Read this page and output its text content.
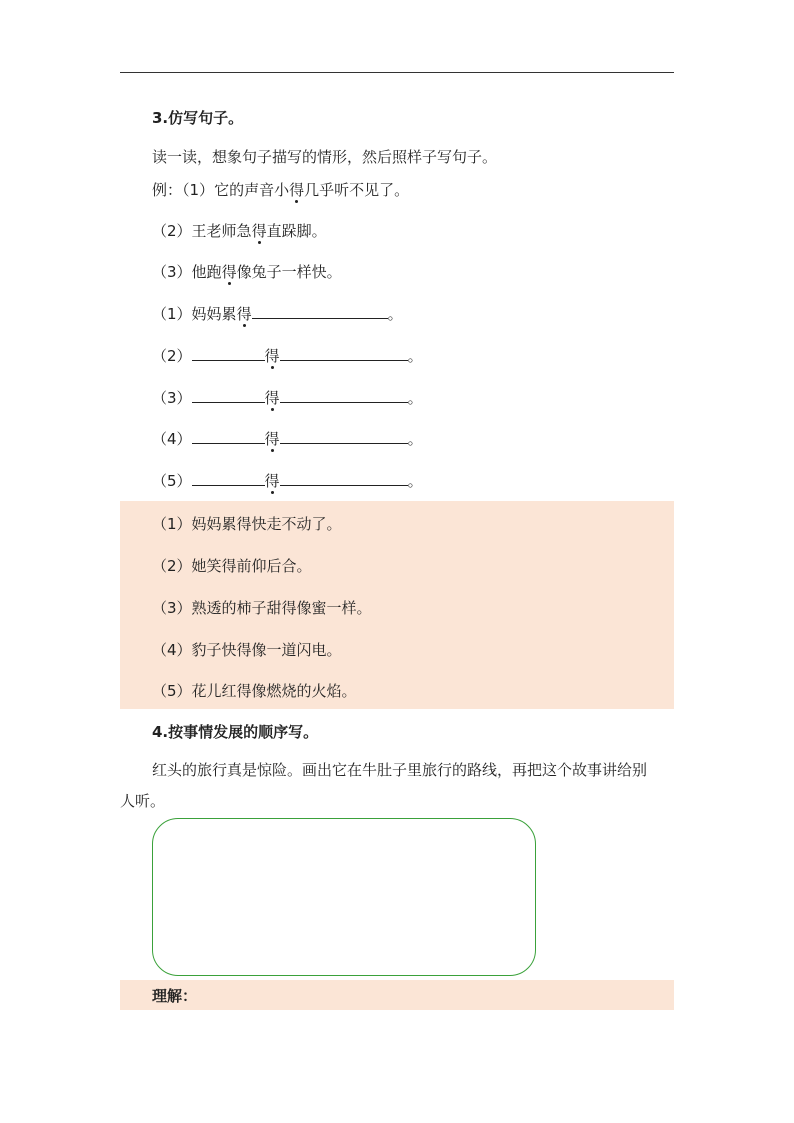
3.仿写句子。
读一读，想象句子描写的情形，然后照样子写句子。
例：（1）它的声音小得几乎听不见了。
（2）王老师急得直跺脚。
（3）他跑得像兔子一样快。
（1）妈妈累得	。
（2）	得	。
（3）	得	。
（4）	得	。
（5）	得	。
（1）妈妈累得快走不动了。
（2）她笑得前仰后合。
（3）熟透的柿子甜得像蜜一样。
（4）豹子快得像一道闪电。
（5）花儿红得像燃烧的火焰。
4.按事情发展的顺序写。
红头的旅行真是惊险。画出它在牛肚子里旅行的路线，再把这个故事讲给别
人听。
理解：
